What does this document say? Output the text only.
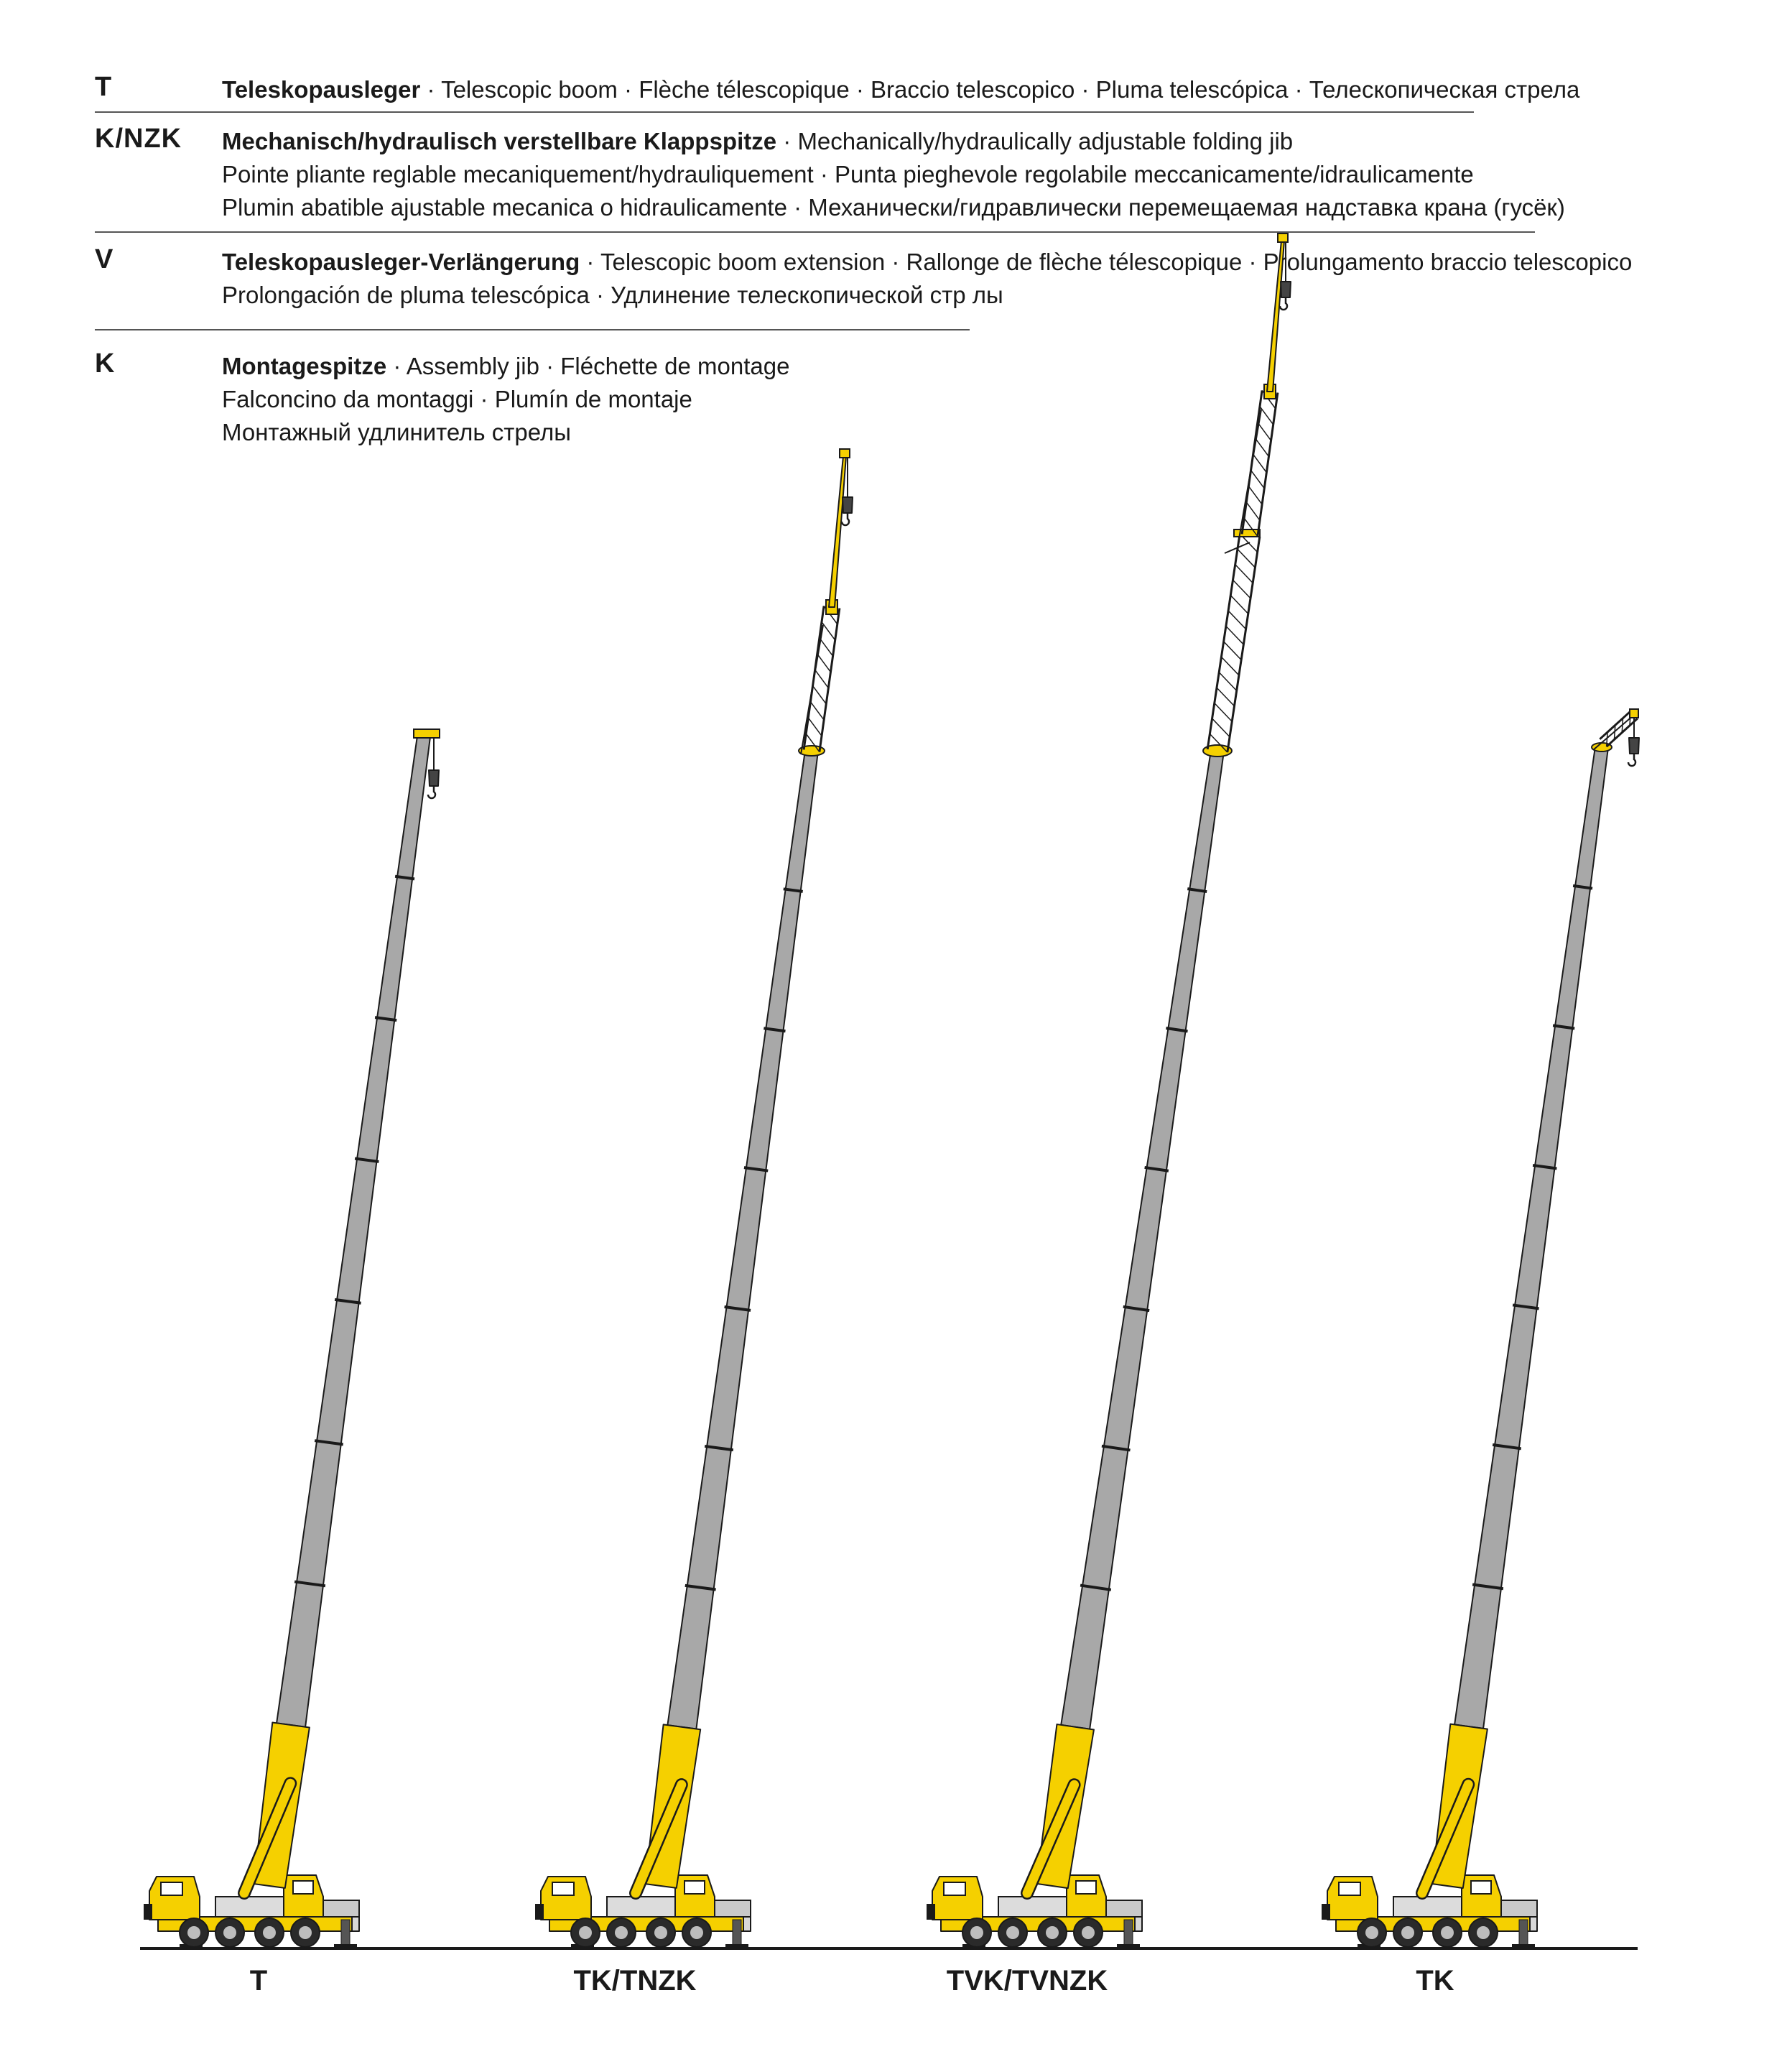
T	Teleskopausleger · Telescopic boom · Flèche télescopique · Braccio telescopico · Pluma telescópica · Телескопическая стрела
K/NZK Mechanisch/hydraulisch verstellbare Klappspitze · Mechanically/hydraulically adjustable folding jib
Pointe pliante reglable mecaniquement/hydrauliquement · Punta pieghevole regolabile meccanicamente/idraulicamente
Plumin abatible ajustable mecanica o hidraulicamente · Механически/гидравлически перемещаемая надставка крана (гусёк)
V	Teleskopausleger-Verlängerung · Telescopic boom extension · Rallonge de flèche télescopique · Prolungamento braccio telescopico
Prolongación de pluma telescópica · Удлинение телескопической стр лы
K	Montagespitze · Assembly jib · Fléchette de montage
Falconcino da montaggi · Plumín de montaje
Монтажный удлинитель стрелы
T	TK/TNZK	TVK/TVNZK	TK
